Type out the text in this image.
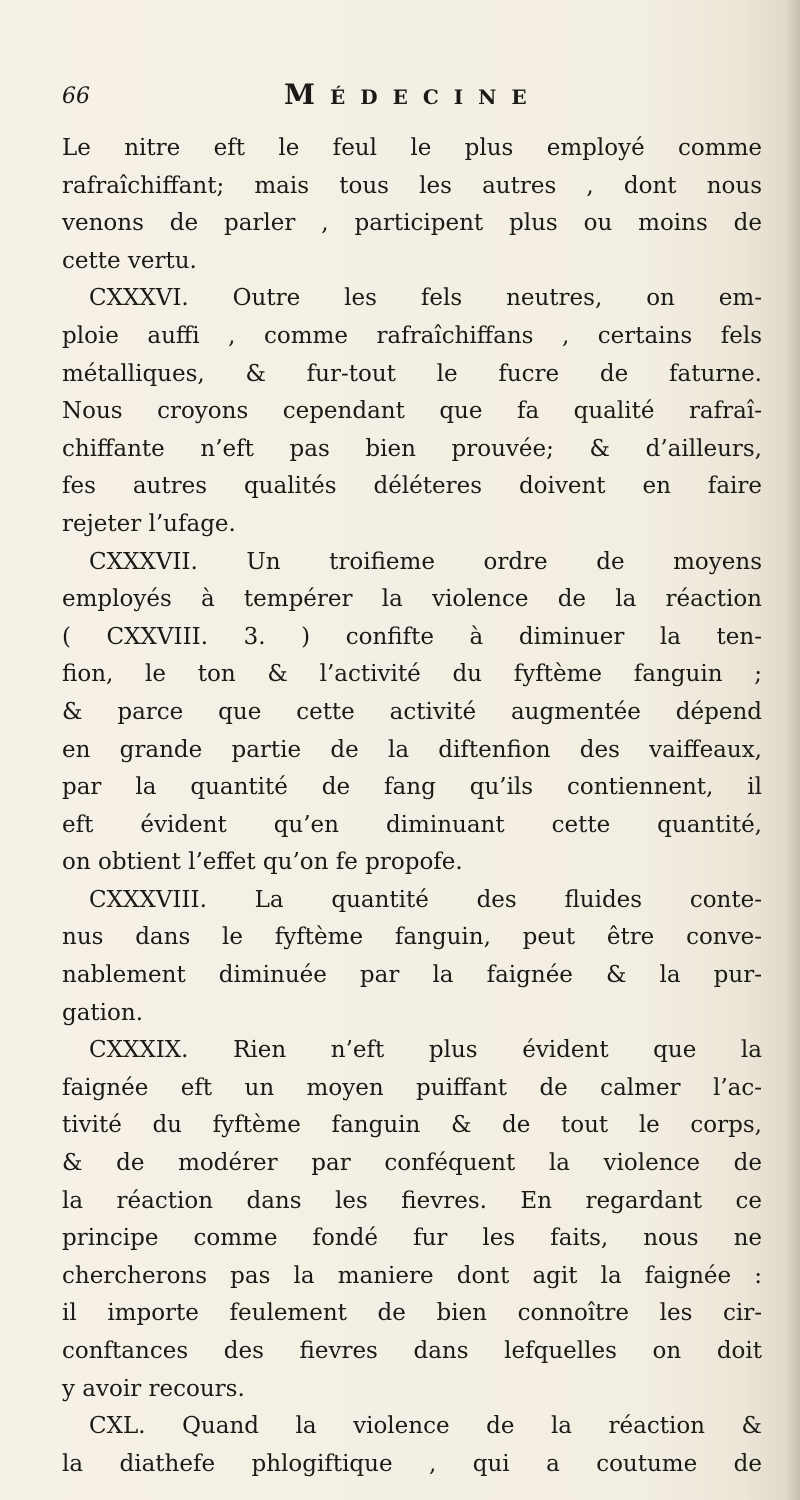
66	Médecine
Le nitre eft le feul le plus employé comme
rafraîchiffant; mais tous les autres , dont nous
venons de parler , participent plus ou moins de
cette vertu.
CXXXVI. Outre les fels neutres, on em-
ploie auffi , comme rafraîchiffans , certains fels
métalliques, & fur-tout le fucre de faturne.
Nous croyons cependant que fa qualité rafraî-
chiffante n’eft pas bien prouvée; & d’ailleurs,
fes autres qualités déléteres doivent en faire
rejeter l’ufage.
CXXXVII. Un troifieme ordre de moyens
employés à tempérer la violence de la réaction
( CXXVIII. 3. ) confifte à diminuer la ten-
fion, le ton & l’activité du fyftème fanguin ;
& parce que cette activité augmentée dépend
en grande partie de la diftenfion des vaiffeaux,
par la quantité de fang qu’ils contiennent, il
eft évident qu’en diminuant cette quantité,
on obtient l’effet qu’on fe propofe.
CXXXVIII. La quantité des fluides conte-
nus dans le fyftème fanguin, peut être conve-
nablement diminuée par la faignée & la pur-
gation.
CXXXIX. Rien n’eft plus évident que la
faignée eft un moyen puiffant de calmer l’ac-
tivité du fyftème fanguin & de tout le corps,
& de modérer par conféquent la violence de
la réaction dans les fievres. En regardant ce
principe comme fondé fur les faits, nous ne
chercherons pas la maniere dont agit la faignée :
il importe feulement de bien connoître les cir-
conftances des fievres dans lefquelles on doit
y avoir recours.
CXL. Quand la violence de la réaction &
la diathefe phlogiftique , qui a coutume de
